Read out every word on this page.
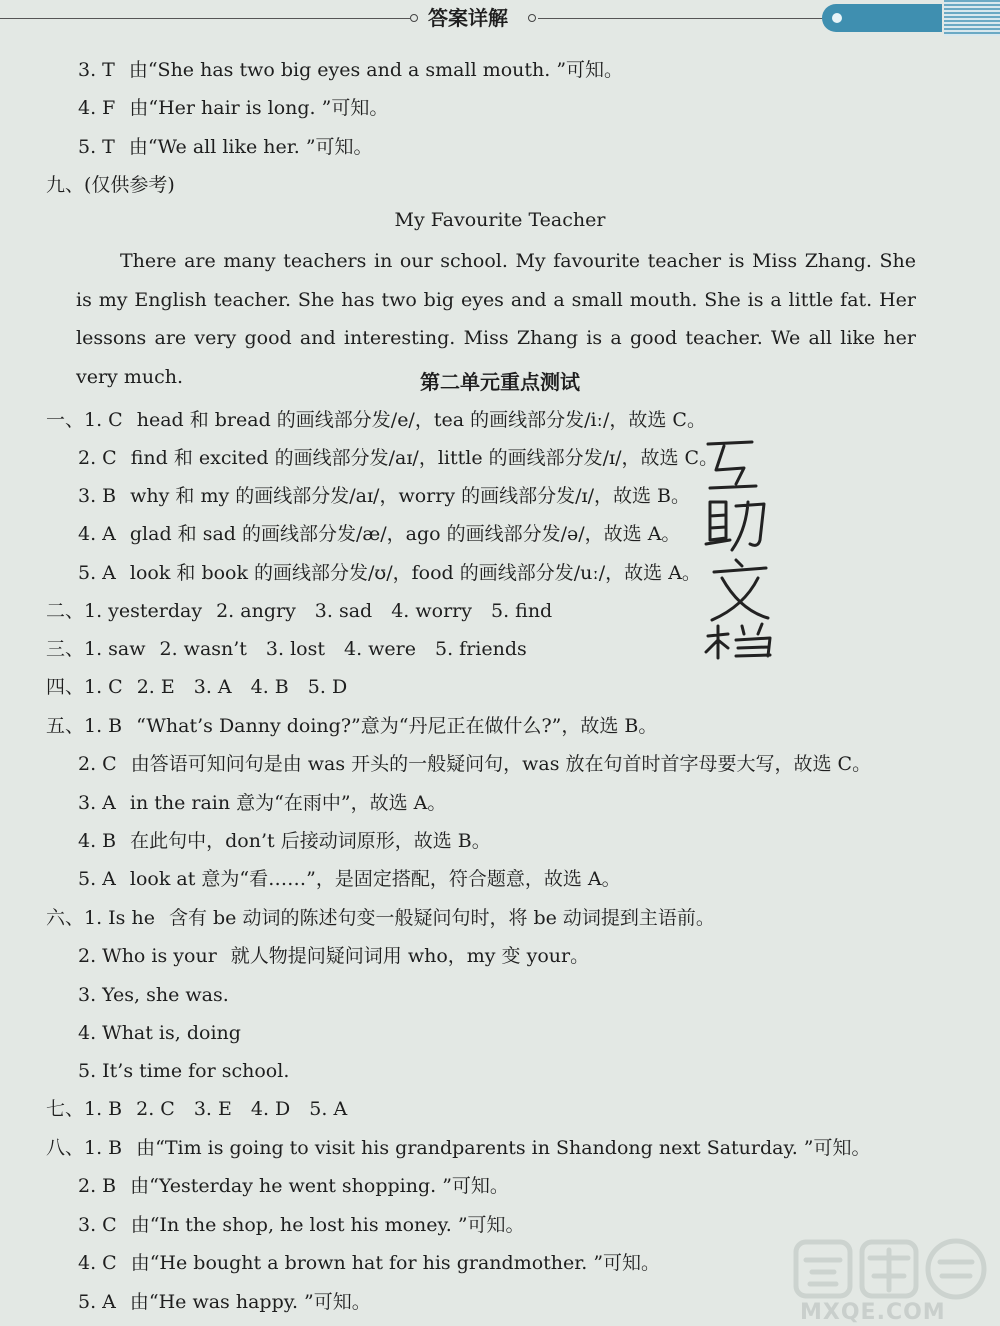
答案详解
3. T 由“She has two big eyes and a small mouth. ”可知。
4. F 由“Her hair is long. ”可知。
5. T 由“We all like her. ”可知。
九、(仅供参考)
My Favourite Teacher
There are many teachers in our school. My favourite teacher is Miss Zhang. She is my English teacher. She has two big eyes and a small mouth. She is a little fat. Her lessons are very good and interesting. Miss Zhang is a good teacher. We all like her very much.	第二单元重点测试
一、1. C head 和 bread 的画线部分发/e/，tea 的画线部分发/iː/，故选 C。
2. C find 和 excited 的画线部分发/aɪ/，little 的画线部分发/ɪ/，故选 C。
3. B why 和 my 的画线部分发/aɪ/，worry 的画线部分发/ɪ/，故选 B。
4. A glad 和 sad 的画线部分发/æ/，ago 的画线部分发/ə/，故选 A。
5. A look 和 book 的画线部分发/ʊ/，food 的画线部分发/uː/，故选 A。
二、1. yesterday 2. angry　3. sad　4. worry　5. find
三、1. saw 2. wasn’t　3. lost　4. were　5. friends
四、1. C 2. E　3. A　4. B　5. D
五、1. B “What’s Danny doing?”意为“丹尼正在做什么?”，故选 B。
2. C 由答语可知问句是由 was 开头的一般疑问句，was 放在句首时首字母要大写，故选 C。
3. A in the rain 意为“在雨中”，故选 A。
4. B 在此句中，don’t 后接动词原形，故选 B。
5. A look at 意为“看……”，是固定搭配，符合题意，故选 A。
六、1. Is he 含有 be 动词的陈述句变一般疑问句时，将 be 动词提到主语前。
2. Who is your 就人物提问疑问词用 who，my 变 your。
3. Yes, she was.
4. What is, doing
5. It’s time for school.
七、1. B 2. C　3. E　4. D　5. A
八、1. B 由“Tim is going to visit his grandparents in Shandong next Saturday. ”可知。
2. B 由“Yesterday he went shopping. ”可知。
3. C 由“In the shop, he lost his money. ”可知。
4. C 由“He bought a brown hat for his grandmother. ”可知。
5. A 由“He was happy. ”可知。	MXQE.COM
